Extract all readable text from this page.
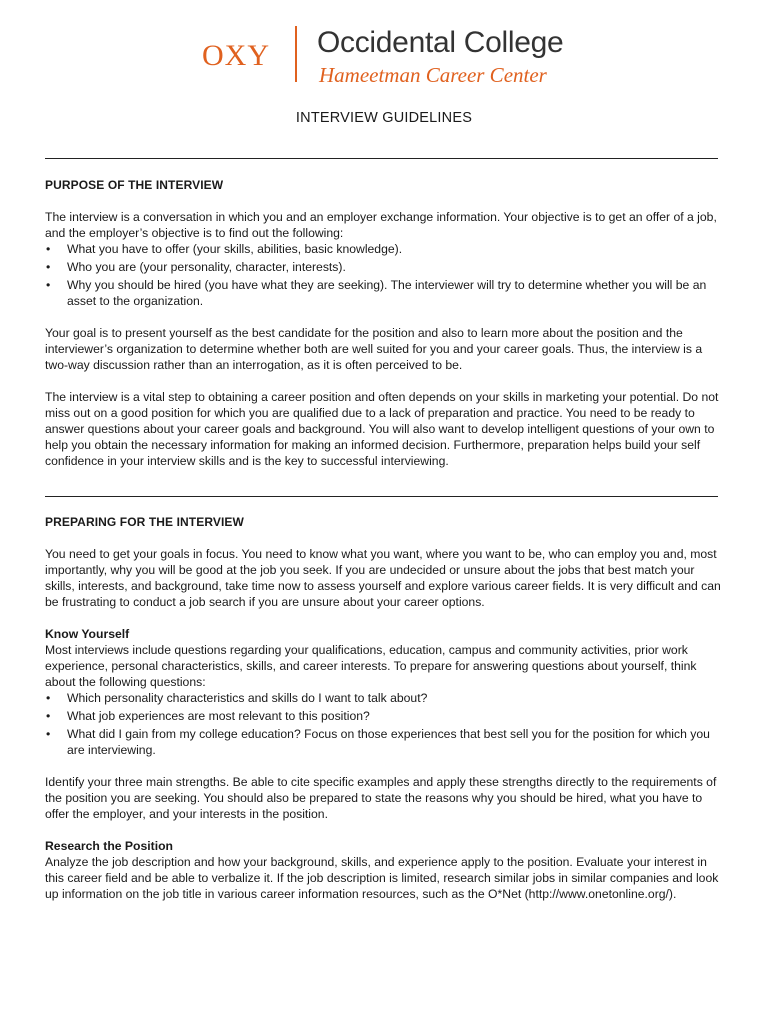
OXY Occidental College
Hameetman Career Center
INTERVIEW GUIDELINES
PURPOSE OF THE INTERVIEW

The interview is a conversation in which you and an employer exchange information. Your objective is to get an offer of a job, and the employer’s objective is to find out the following:

• What you have to offer (your skills, abilities, basic knowledge).
• Who you are (your personality, character, interests).
• Why you should be hired (you have what they are seeking). The interviewer will try to determine whether you will be an asset to the organization.

Your goal is to present yourself as the best candidate for the position and also to learn more about the position and the interviewer’s organization to determine whether both are well suited for you and your career goals. Thus, the interview is a two-way discussion rather than an interrogation, as it is often perceived to be.

The interview is a vital step to obtaining a career position and often depends on your skills in marketing your potential. Do not miss out on a good position for which you are qualified due to a lack of preparation and practice. You need to be ready to answer questions about your career goals and background. You will also want to develop intelligent questions of your own to help you obtain the necessary information for making an informed decision. Furthermore, preparation helps build your self confidence in your interview skills and is the key to successful interviewing.

PREPARING FOR THE INTERVIEW

You need to get your goals in focus. You need to know what you want, where you want to be, who can employ you and, most importantly, why you will be good at the job you seek. If you are undecided or unsure about the jobs that best match your skills, interests, and background, take time now to assess yourself and explore various career fields. It is very difficult and can be frustrating to conduct a job search if you are unsure about your career options.

Know Yourself

Most interviews include questions regarding your qualifications, education, campus and community activities, prior work experience, personal characteristics, skills, and career interests. To prepare for answering questions about yourself, think about the following questions:

• Which personality characteristics and skills do I want to talk about?
• What job experiences are most relevant to this position?
• What did I gain from my college education? Focus on those experiences that best sell you for the position for which you are interviewing.

Identify your three main strengths. Be able to cite specific examples and apply these strengths directly to the requirements of the position you are seeking. You should also be prepared to state the reasons why you should be hired, what you have to offer the employer, and your interests in the position.

Research the Position

Analyze the job description and how your background, skills, and experience apply to the position. Evaluate your interest in this career field and be able to verbalize it. If the job description is limited, research similar jobs in similar companies and look up information on the job title in various career information resources, such as the O*Net (http://www.onetonline.org/).
